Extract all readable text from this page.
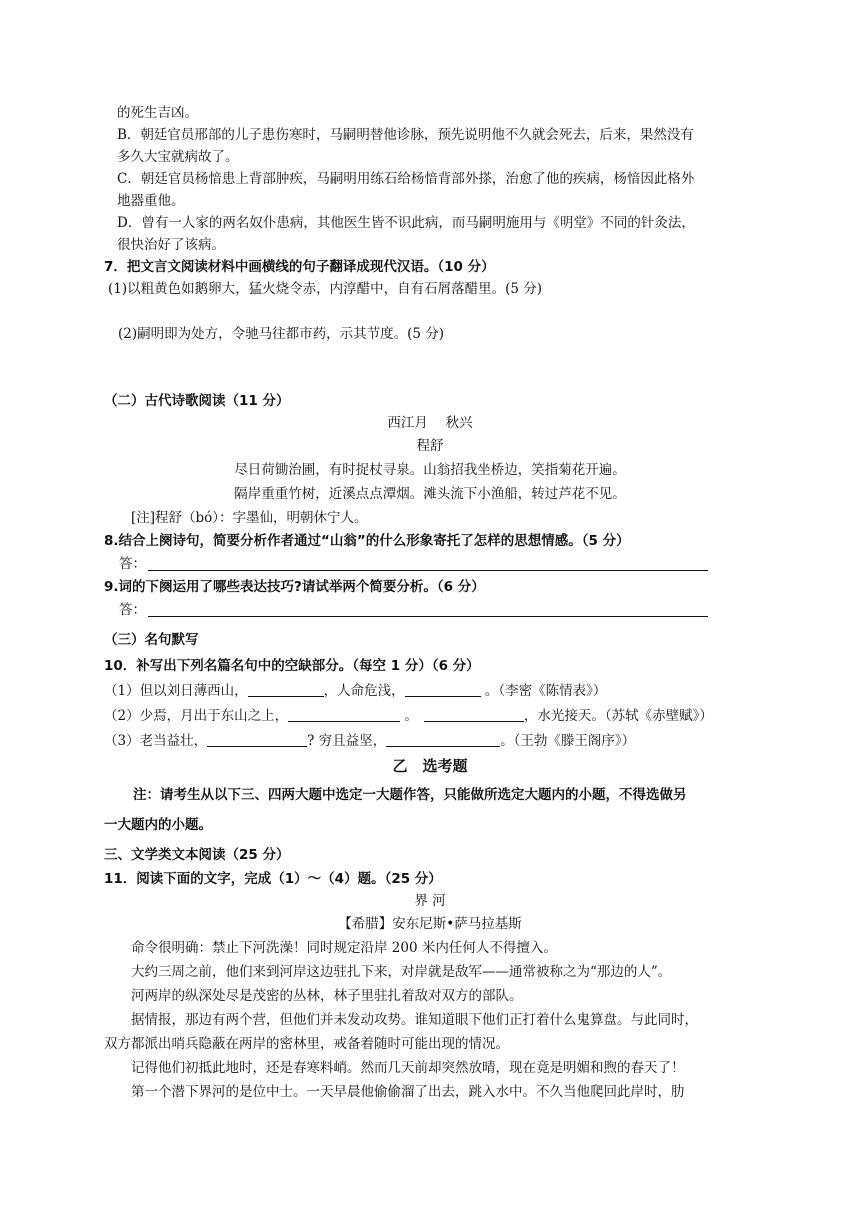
的死生吉凶。
B．朝廷官员邢部的儿子患伤寒时，马嗣明替他诊脉，预先说明他不久就会死去，后来，果然没有
多久大宝就病故了。
C．朝廷官员杨愔患上背部肿疾，马嗣明用练石给杨愔背部外搽，治愈了他的疾病，杨愔因此格外
地器重他。
D．曾有一人家的两名奴仆患病，其他医生皆不识此病，而马嗣明施用与《明堂》不同的针灸法，
很快治好了该病。
7．把文言文阅读材料中画横线的句子翻译成现代汉语。（10 分）
(1)以粗黄色如鹅卵大，猛火烧令赤，内淳醋中，自有石屑落醋里。(5 分)
(2)嗣明即为处方，令驰马往都市药，示其节度。(5 分)
（二）古代诗歌阅读（11 分）
西江月　 秋兴
程舒
尽日荷锄治圃，有时捉杖寻泉。山翁招我坐桥边，笑指菊花开遍。
隔岸重重竹树，近溪点点潭烟。滩头流下小渔船，转过芦花不见。
[注]程舒（bó）：字墨仙，明朝休宁人。
8.结合上阕诗句，简要分析作者通过“山翁”的什么形象寄托了怎样的思想情感。（5 分）
答：
9.词的下阕运用了哪些表达技巧?请试举两个简要分析。（6 分）
答：
（三）名句默写
10．补写出下列名篇名句中的空缺部分。（每空 1 分）（6 分）
（1）但以刘日薄西山，	，人命危浅，	。（李密《陈情表》）
（2）少焉，月出于东山之上，	。	，水光接天。（苏轼《赤壁赋》）
（3）老当益壮，	? 穷且益坚，	。（王勃《滕王阁序》）
乙　选考题
注：请考生从以下三、四两大题中选定一大题作答，只能做所选定大题内的小题，不得选做另
一大题内的小题。
三、文学类文本阅读（25 分）
11．阅读下面的文字，完成（1）～（4）题。（25 分）
界 河
【希腊】安东尼斯•萨马拉基斯
命令很明确：禁止下河洗澡！同时规定沿岸 200 米内任何人不得擅入。
大约三周之前，他们来到河岸这边驻扎下来，对岸就是敌军——通常被称之为“那边的人”。
河两岸的纵深处尽是茂密的丛林，林子里驻扎着敌对双方的部队。
据情报，那边有两个营，但他们并未发动攻势。谁知道眼下他们正打着什么鬼算盘。与此同时，
双方都派出哨兵隐蔽在两岸的密林里，戒备着随时可能出现的情况。
记得他们初抵此地时，还是春寒料峭。然而几天前却突然放晴，现在竟是明媚和煦的春天了！
第一个潜下界河的是位中士。一天早晨他偷偷溜了出去，跳入水中。不久当他爬回此岸时，肋
